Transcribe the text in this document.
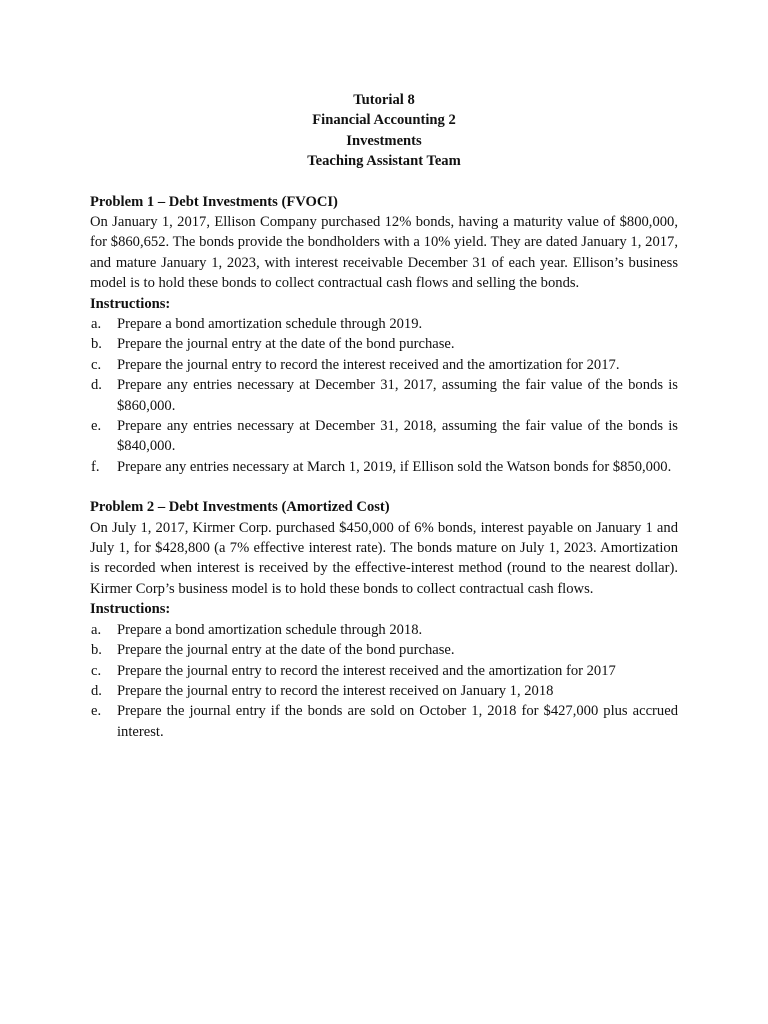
Tutorial 8
Financial Accounting 2
Investments
Teaching Assistant Team
Problem 1 – Debt Investments (FVOCI)
On January 1, 2017, Ellison Company purchased 12% bonds, having a maturity value of $800,000, for $860,652. The bonds provide the bondholders with a 10% yield. They are dated January 1, 2017, and mature January 1, 2023, with interest receivable December 31 of each year. Ellison’s business model is to hold these bonds to collect contractual cash flows and selling the bonds.
Instructions:
a.	Prepare a bond amortization schedule through 2019.
b.	Prepare the journal entry at the date of the bond purchase.
c.	Prepare the journal entry to record the interest received and the amortization for 2017.
d.	Prepare any entries necessary at December 31, 2017, assuming the fair value of the bonds is $860,000.
e.	Prepare any entries necessary at December 31, 2018, assuming the fair value of the bonds is $840,000.
f.	Prepare any entries necessary at March 1, 2019, if Ellison sold the Watson bonds for $850,000.
Problem 2 – Debt Investments (Amortized Cost)
On July 1, 2017, Kirmer Corp. purchased $450,000 of 6% bonds, interest payable on January 1 and July 1, for $428,800 (a 7% effective interest rate). The bonds mature on July 1, 2023. Amortization is recorded when interest is received by the effective-interest method (round to the nearest dollar). Kirmer Corp’s business model is to hold these bonds to collect contractual cash flows.
Instructions:
a.	Prepare a bond amortization schedule through 2018.
b.	Prepare the journal entry at the date of the bond purchase.
c.	Prepare the journal entry to record the interest received and the amortization for 2017
d.	Prepare the journal entry to record the interest received on January 1, 2018
e.	Prepare the journal entry if the bonds are sold on October 1, 2018 for $427,000 plus accrued interest.
